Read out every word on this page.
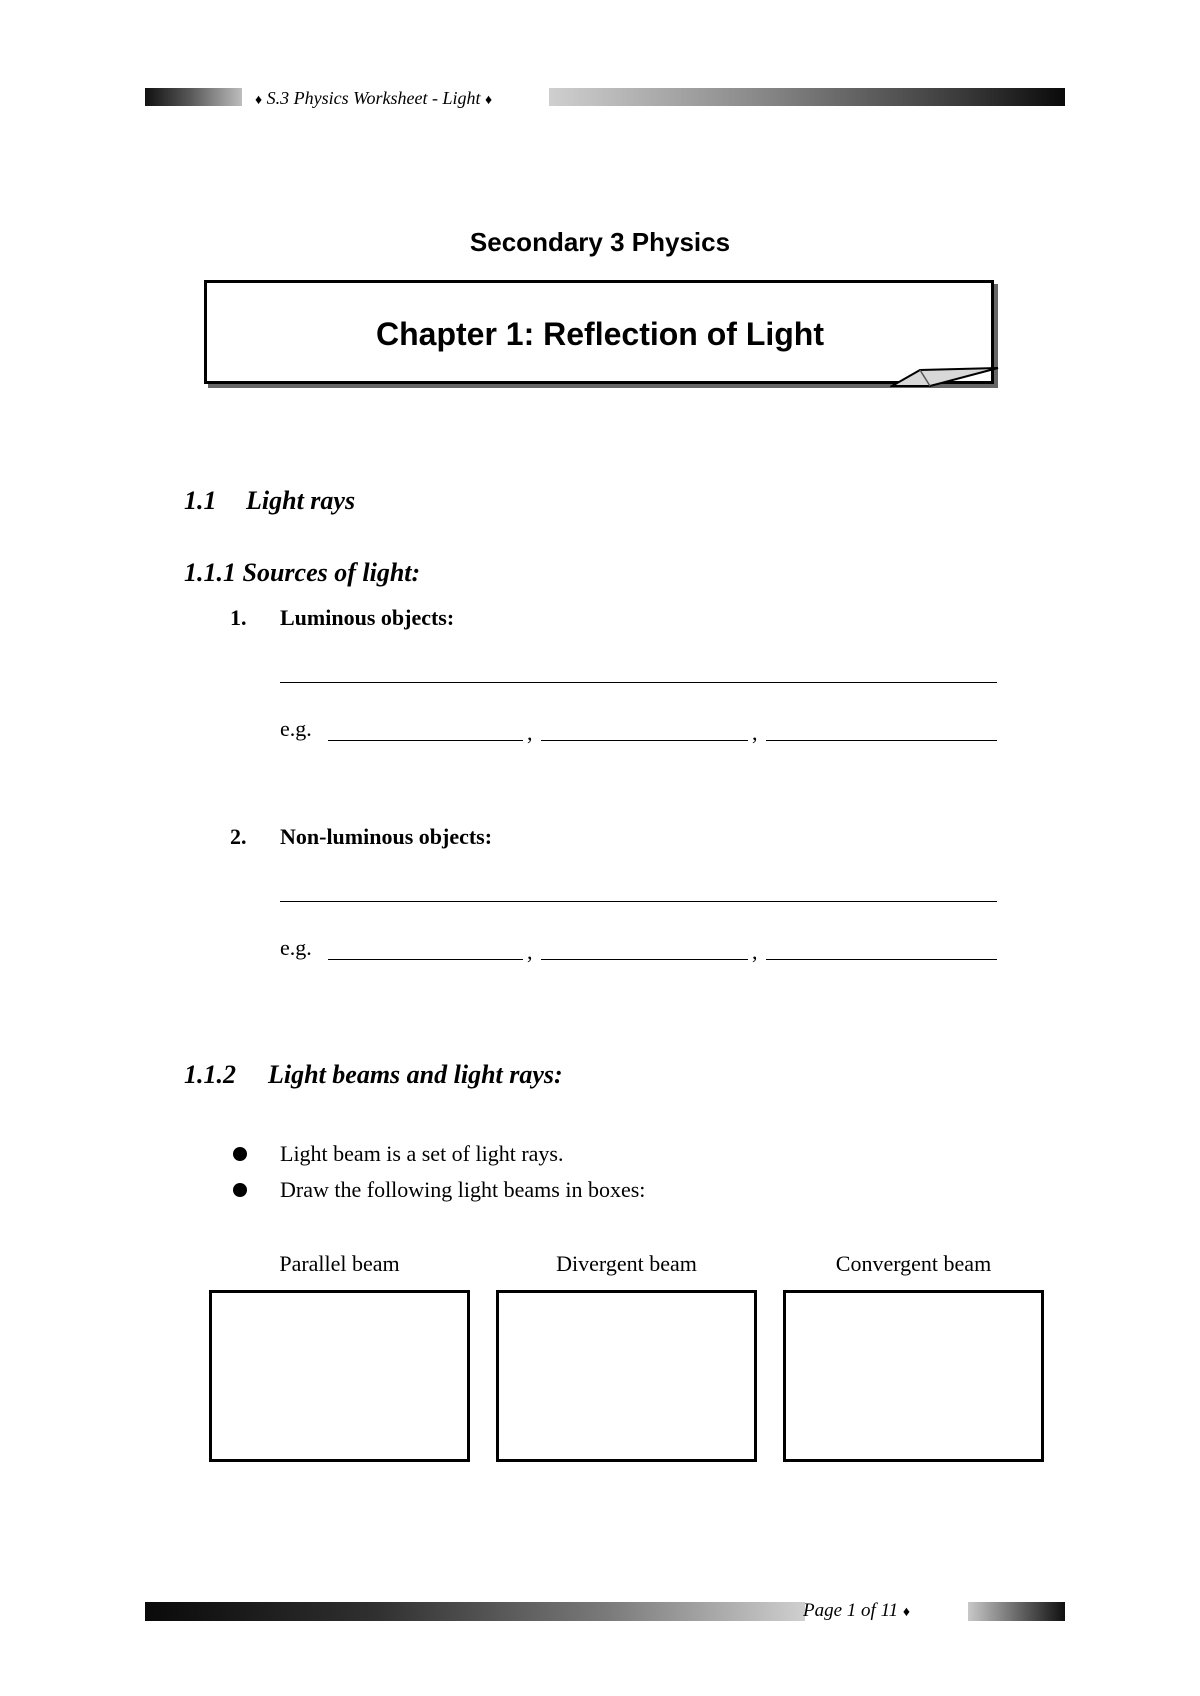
♦ S.3 Physics Worksheet - Light ♦
Secondary 3 Physics
Chapter 1: Reflection of Light
1.1 Light rays
1.1.1 Sources of light:
1. Luminous objects:
e.g.	,	,
2. Non-luminous objects:
e.g.	,	,
1.1.2 Light beams and light rays:
Light beam is a set of light rays.
Draw the following light beams in boxes:
Parallel beam	Divergent beam	Convergent beam
Page 1 of 11 ♦
